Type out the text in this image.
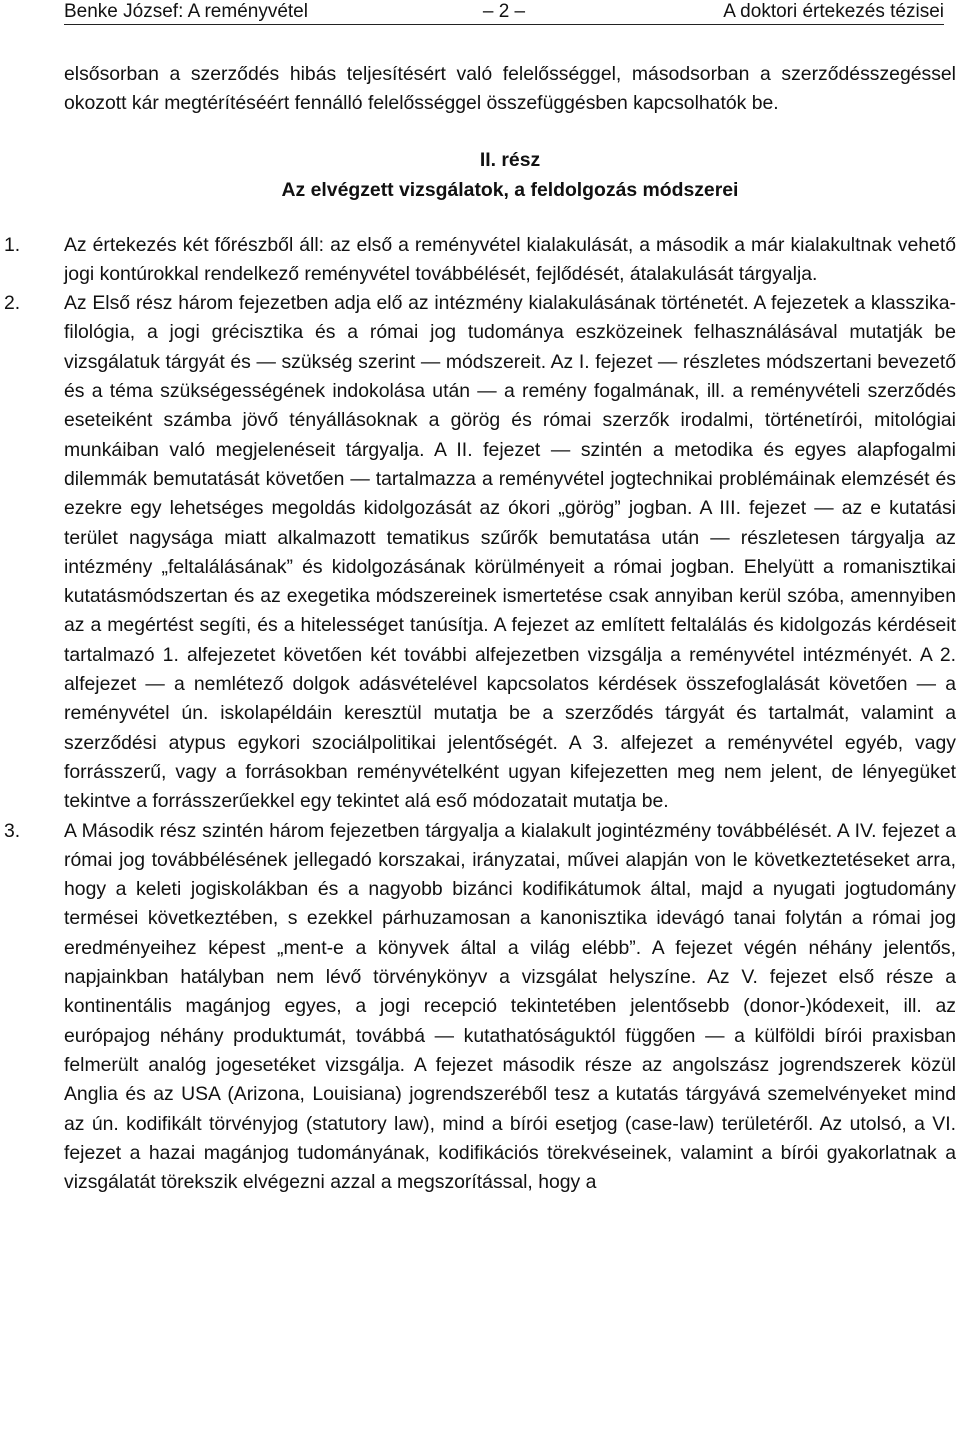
Benke József: A reményvétel	– 2 –	A doktori értekezés tézisei

elsősorban a szerződés hibás teljesítésért való felelősséggel, másodsorban a szerződésszegéssel okozott kár megtérítéséért fennálló felelősséggel összefüggésben kapcsolhatók be.

II. rész
Az elvégzett vizsgálatok, a feldolgozás módszerei
1. Az értekezés két főrészből áll: az első a reményvétel kialakulását, a második a már kialakultnak vehető jogi kontúrokkal rendelkező reményvétel továbbélését, fejlődését, átalakulását tárgyalja.
2. Az Első rész három fejezetben adja elő az intézmény kialakulásának történetét. A fejezetek a klasszika-filológia, a jogi grécisztika és a római jog tudománya eszközeinek felhasználásával mutatják be vizsgálatuk tárgyát és — szükség szerint — módszereit. Az I. fejezet — részletes módszertani bevezető és a téma szükségességének indokolása után — a remény fogalmának, ill. a reményvételi szerződés eseteiként számba jövő tényállásoknak a görög és római szerzők irodalmi, történetírói, mitológiai munkáiban való megjelenéseit tárgyalja. A II. fejezet — szintén a metodika és egyes alapfogalmi dilemmák bemutatását követően — tartalmazza a reményvétel jogtechnikai problémáinak elemzését és ezekre egy lehetséges megoldás kidolgozását az ókori „görög” jogban. A III. fejezet — az e kutatási terület nagysága miatt alkalmazott tematikus szűrők bemutatása után — részletesen tárgyalja az intézmény „feltalálásának” és kidolgozásának körülményeit a római jogban. Ehelyütt a romanisztikai kutatásmódszertan és az exegetika módszereinek ismertetése csak annyiban kerül szóba, amennyiben az a megértést segíti, és a hitelességet tanúsítja. A fejezet az említett feltalálás és kidolgozás kérdéseit tartalmazó 1. alfejezetet követően két további alfejezetben vizsgálja a reményvétel intézményét. A 2. alfejezet — a nemlétező dolgok adásvételével kapcsolatos kérdések összefoglalását követően — a reményvétel ún. iskolapéldáin keresztül mutatja be a szerződés tárgyát és tartalmát, valamint a szerződési atypus egykori szociálpolitikai jelentőségét. A 3. alfejezet a reményvétel egyéb, vagy forrásszerű, vagy a forrásokban reményvételként ugyan kifejezetten meg nem jelent, de lényegüket tekintve a forrásszerűekkel egy tekintet alá eső módozatait mutatja be.
3. A Második rész szintén három fejezetben tárgyalja a kialakult jogintézmény továbbélését. A IV. fejezet a római jog továbbélésének jellegadó korszakai, irányzatai, művei alapján von le következtetéseket arra, hogy a keleti jogiskolákban és a nagyobb bizánci kodifikátumok által, majd a nyugati jogtudomány termései következtében, s ezekkel párhuzamosan a kanonisztika idevágó tanai folytán a római jog eredményeihez képest „ment-e a könyvek által a világ elébb”. A fejezet végén néhány jelentős, napjainkban hatályban nem lévő törvénykönyv a vizsgálat helyszíne. Az V. fejezet első része a kontinentális magánjog egyes, a jogi recepció tekintetében jelentősebb (donor-)kódexeit, ill. az európajog néhány produktumát, továbbá — kutathatóságuktól függően — a külföldi bírói praxisban felmerült analóg jogesetéket vizsgálja. A fejezet második része az angolszász jogrendszerek közül Anglia és az USA (Arizona, Louisiana) jogrendszeréből tesz a kutatás tárgyává szemelvényeket mind az ún. kodifikált törvényjog (statutory law), mind a bírói esetjog (case-law) területéről. Az utolsó, a VI. fejezet a hazai magánjog tudományának, kodifikációs törekvéseinek, valamint a bírói gyakorlatnak a vizsgálatát törekszik elvégezni azzal a megszorítással, hogy a
